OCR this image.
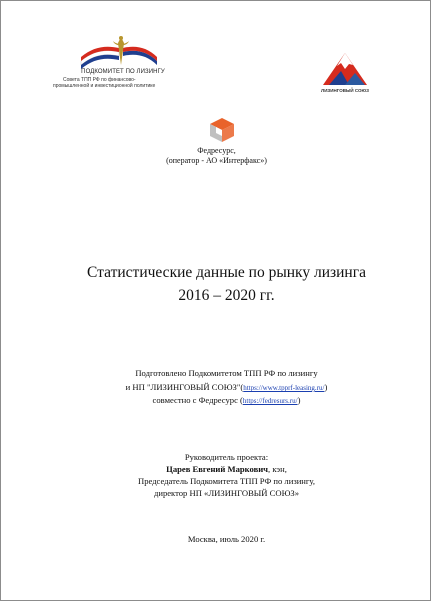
ПОДКОМИТЕТ ПО ЛИЗИНГУ
Совета ТПП РФ по финансово-
промышленной и инвестиционной политике
ЛИЗИНГОВЫЙ СОЮЗ
Федресурс,
(оператор - АО «Интерфакс»)
Статистические данные по рынку лизинга
2016 – 2020 гг.
Подготовлено Подкомитетом ТПП РФ по лизингу
и НП "ЛИЗИНГОВЫЙ СОЮЗ"(https://www.tpprf-leasing.ru/)
совместно с Федресурс (https://fedresurs.ru/)
Руководитель проекта:
Царев Евгений Маркович, кэн,
Председатель Подкомитета ТПП РФ по лизингу,
директор НП «ЛИЗИНГОВЫЙ СОЮЗ»
Москва, июль 2020 г.
